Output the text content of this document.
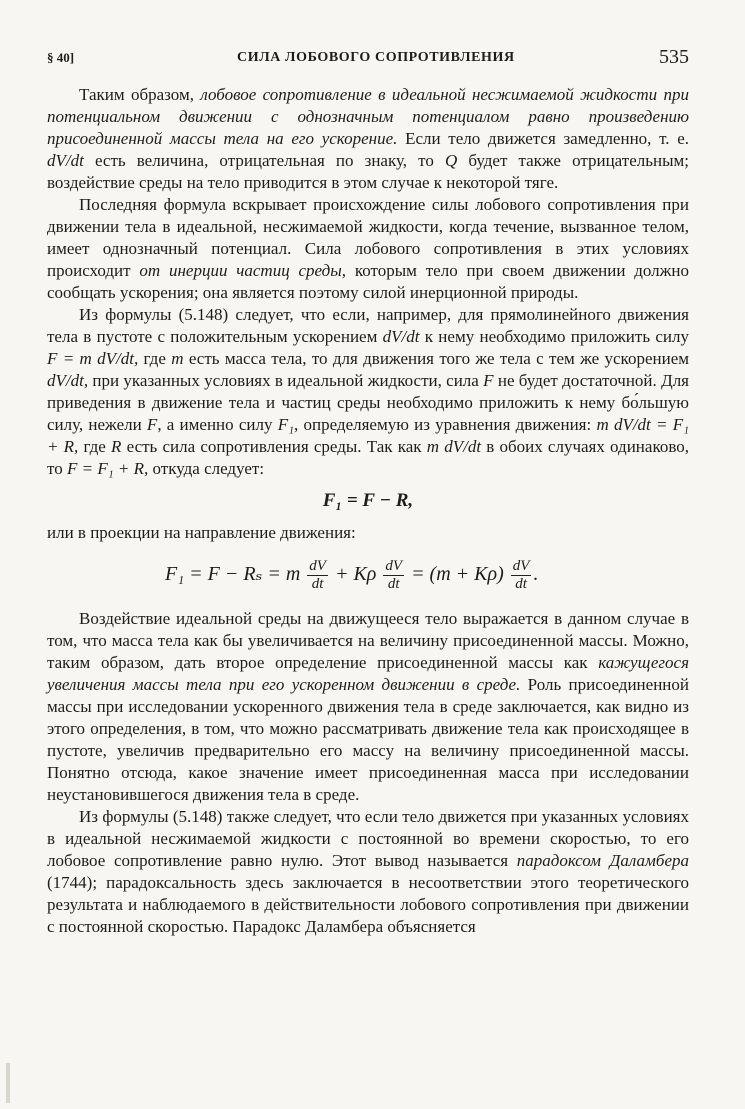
§ 40]	СИЛА ЛОБОВОГО СОПРОТИВЛЕНИЯ	535

Таким образом, лобовое сопротивление в идеальной несжимаемой жидкости при потенциальном движении с однозначным потенциалом равно произведению присоединенной массы тела на его ускорение. Если тело движется замедленно, т. е. dV/dt есть величина, отрицательная по знаку, то Q будет также отрицательным; воздействие среды на тело приводится в этом случае к некоторой тяге.

Последняя формула вскрывает происхождение силы лобового сопротивления при движении тела в идеальной, несжимаемой жидкости, когда течение, вызванное телом, имеет однозначный потенциал. Сила лобового сопротивления в этих условиях происходит от инерции частиц среды, которым тело при своем движении должно сообщать ускорения; она является поэтому силой инерционной природы.

Из формулы (5.148) следует, что если, например, для прямолинейного движения тела в пустоте с положительным ускорением dV/dt к нему необходимо приложить силу F = m dV/dt, где m есть масса тела, то для движения того же тела с тем же ускорением dV/dt, при указанных условиях в идеальной жидкости, сила F не будет достаточной. Для приведения в движение тела и частиц среды необходимо приложить к нему бо́льшую силу, нежели F, а именно силу F₁, определяемую из уравнения движения: m dV/dt = F₁ + R, где R есть сила сопротивления среды. Так как m dV/dt в обоих случаях одинаково, то F = F₁ + R, откуда следует:

F₁ = F − R,

или в проекции на направление движения:

F₁ = F − Rₛ = m $\frac{dV}{dt} + K\rho \frac{dV}{dt} = (m + K\rho) \frac{dV}{dt}$ .

Воздействие идеальной среды на движущееся тело выражается в данном случае в том, что масса тела как бы увеличивается на величину присоединенной массы. Можно, таким образом, дать второе определение присоединенной массы как кажущегося увеличения массы тела при его ускоренном движении в среде. Роль присоединенной массы при исследовании ускоренного движения тела в среде заключается, как видно из этого определения, в том, что можно рассматривать движение тела как происходящее в пустоте, увеличив предварительно его массу на величину присоединенной массы. Понятно отсюда, какое значение имеет присоединенная масса при исследовании неустановившегося движения тела в среде.

Из формулы (5.148) также следует, что если тело движется при указанных условиях в идеальной несжимаемой жидкости с постоянной во времени скоростью, то его лобовое сопротивление равно нулю. Этот вывод называется парадоксом Даламбера (1744); парадоксальность здесь заключается в несоответствии этого теоретического результата и наблюдаемого в действительности лобового сопротивления при движении с постоянной скоростью. Парадокс Даламбера объясняется
